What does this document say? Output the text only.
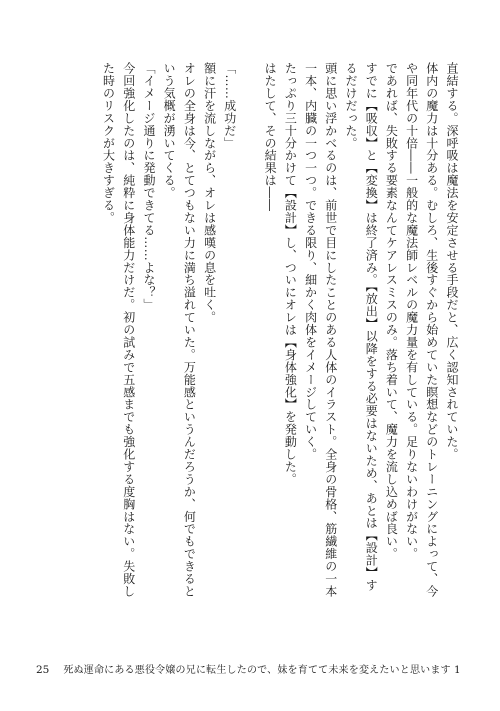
直結する。深呼吸は魔法を安定させる手段だと、広く認知されていた。
体内の魔力は十分ある。むしろ、生後すぐから始めていた瞑想などのトレーニングによって、今
や同年代の十倍――一般的な魔法師レベルの魔力量を有している。足りないわけがない。
であれば、失敗する要素なんてケアレスミスのみ。落ち着いて、魔力を流し込めば良い。
すでに【吸収】と【変換】は終了済み。【放出】以降をする必要はないため、あとは【設計】す
るだけだった。
頭に思い浮かべるのは、前世で目にしたことのある人体のイラスト。全身の骨格、筋繊維の一本
一本、内臓の一つ一つ。できる限り、細かく肉体をイメージしていく。
たっぷり三十分かけて【設計】し、ついにオレは【身体強化】を発動した。
はたして、その結果は――

「……成功だ」
額に汗を流しながら、オレは感嘆の息を吐く。
オレの全身は今、とてつもない力に満ち溢れていた。万能感というんだろうか、何でもできると
いう気概が湧いてくる。
「イメージ通りに発動できてる……よな？」
今回強化したのは、純粋に身体能力だけだ。初の試みで五感までも強化する度胸はない。失敗し
た時のリスクが大きすぎる。
25 死ぬ運命にある悪役令嬢の兄に転生したので、妹を育てて未来を変えたいと思います 1
